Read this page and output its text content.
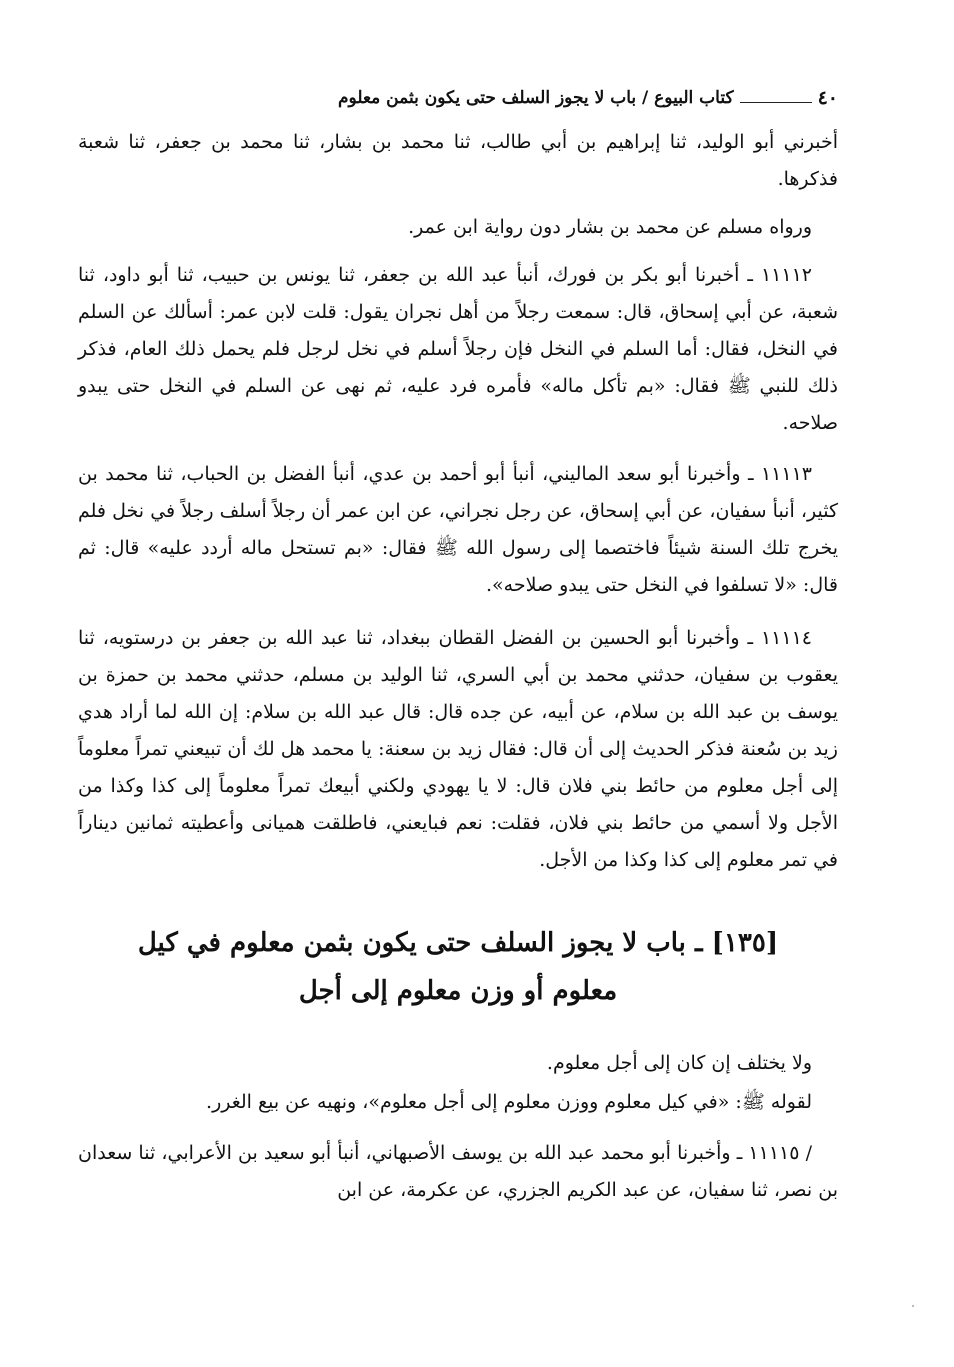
٤٠
كتاب البيوع / باب لا يجوز السلف حتى يكون بثمن معلوم

أخبرني أبو الوليد، ثنا إبراهيم بن أبي طالب، ثنا محمد بن بشار، ثنا محمد بن جعفر، ثنا شعبة فذكرها.

ورواه مسلم عن محمد بن بشار دون رواية ابن عمر.

١١١١٢ ـ أخبرنا أبو بكر بن فورك، أنبأ عبد الله بن جعفر، ثنا يونس بن حبيب، ثنا أبو داود، ثنا شعبة، عن أبي إسحاق، قال: سمعت رجلاً من أهل نجران يقول: قلت لابن عمر: أسألك عن السلم في النخل، فقال: أما السلم في النخل فإن رجلاً أسلم في نخل لرجل فلم يحمل ذلك العام، فذكر ذلك للنبي ﷺ فقال: «بم تأكل ماله» فأمره فرد عليه، ثم نهى عن السلم في النخل حتى يبدو صلاحه.

١١١١٣ ـ وأخبرنا أبو سعد الماليني، أنبأ أبو أحمد بن عدي، أنبأ الفضل بن الحباب، ثنا محمد بن كثير، أنبأ سفيان، عن أبي إسحاق، عن رجل نجراني، عن ابن عمر أن رجلاً أسلف رجلاً في نخل فلم يخرج تلك السنة شيئاً فاختصما إلى رسول الله ﷺ فقال: «بم تستحل ماله أردد عليه» قال: ثم قال: «لا تسلفوا في النخل حتى يبدو صلاحه».

١١١١٤ ـ وأخبرنا أبو الحسين بن الفضل القطان ببغداد، ثنا عبد الله بن جعفر بن درستويه، ثنا يعقوب بن سفيان، حدثني محمد بن أبي السري، ثنا الوليد بن مسلم، حدثني محمد بن حمزة بن يوسف بن عبد الله بن سلام، عن أبيه، عن جده قال: قال عبد الله بن سلام: إن الله لما أراد هدي زيد بن سُعنة فذكر الحديث إلى أن قال: فقال زيد بن سعنة: يا محمد هل لك أن تبيعني تمراً معلوماً إلى أجل معلوم من حائط بني فلان قال: لا يا يهودي ولكني أبيعك تمراً معلوماً إلى كذا وكذا من الأجل ولا أسمي من حائط بني فلان، فقلت: نعم فبايعني، فاطلقت هميانى وأعطيته ثمانين ديناراً في تمر معلوم إلى كذا وكذا من الأجل.

[١٣٥] ـ باب لا يجوز السلف حتى يكون بثمن معلوم في كيل معلوم أو وزن معلوم إلى أجل

ولا يختلف إن كان إلى أجل معلوم.

لقوله ﷺ: «في كيل معلوم ووزن معلوم إلى أجل معلوم»، ونهيه عن بيع الغرر.

/ ١١١١٥ ـ وأخبرنا أبو محمد عبد الله بن يوسف الأصبهاني، أنبأ أبو سعيد بن الأعرابي، ثنا سعدان بن نصر، ثنا سفيان، عن عبد الكريم الجزري، عن عكرمة، عن ابن
